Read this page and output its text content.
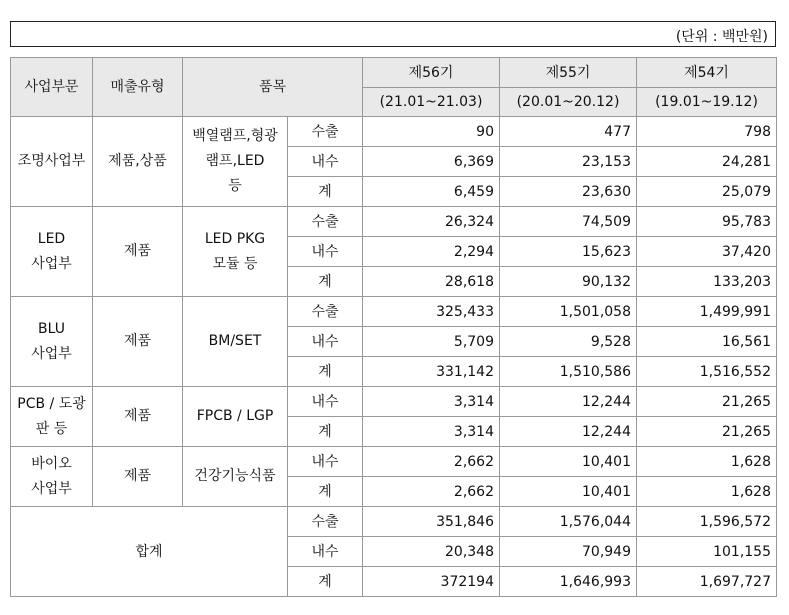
(단위 : 백만원)
사업부문	매출유형	품목		제56기	제55기	제54기
				(21.01~21.03)	(20.01~20.12)	(19.01~19.12)
조명사업부	제품,상품	백열램프,형광
램프,LED
등	수출	90	477	798
			내수	6,369	23,153	24,281
			계	6,459	23,630	25,079
LED
사업부	제품	LED PKG
모듈 등	수출	26,324	74,509	95,783
			내수	2,294	15,623	37,420
			계	28,618	90,132	133,203
BLU
사업부	제품	BM/SET	수출	325,433	1,501,058	1,499,991
			내수	5,709	9,528	16,561
			계	331,142	1,510,586	1,516,552
PCB / 도광
판 등	제품	FPCB / LGP	내수	3,314	12,244	21,265
			계	3,314	12,244	21,265
바이오
사업부	제품	건강기능식품	내수	2,662	10,401	1,628
			계	2,662	10,401	1,628
합계			수출	351,846	1,576,044	1,596,572
			내수	20,348	70,949	101,155
			계	372194	1,646,993	1,697,727
